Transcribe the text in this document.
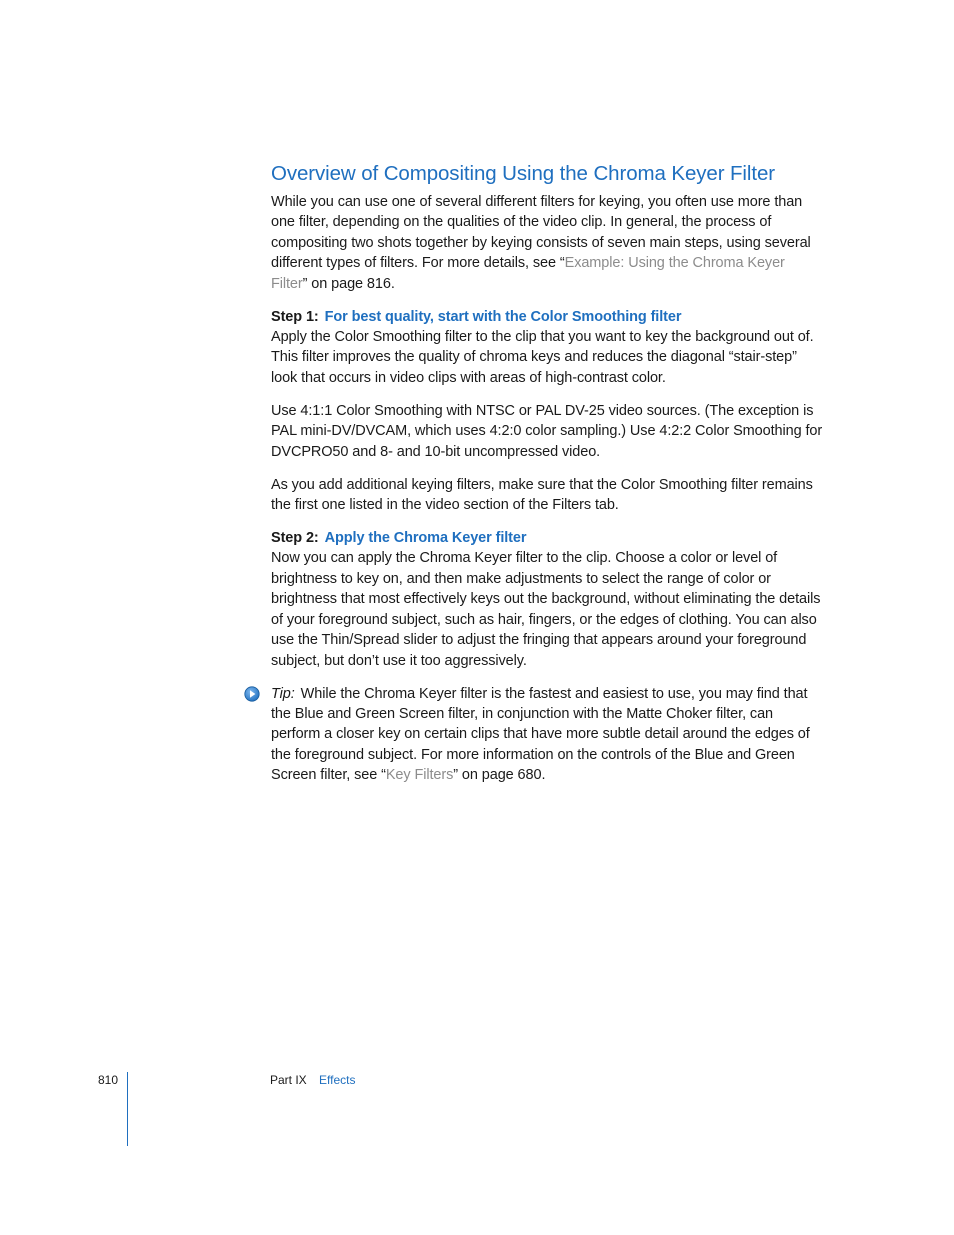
Overview of Compositing Using the Chroma Keyer Filter

While you can use one of several different filters for keying, you often use more than one filter, depending on the qualities of the video clip. In general, the process of compositing two shots together by keying consists of seven main steps, using several different types of filters. For more details, see “Example: Using the Chroma Keyer Filter” on page 816.

Step 1: For best quality, start with the Color Smoothing filter

Apply the Color Smoothing filter to the clip that you want to key the background out of. This filter improves the quality of chroma keys and reduces the diagonal “stair-step” look that occurs in video clips with areas of high-contrast color.

Use 4:1:1 Color Smoothing with NTSC or PAL DV-25 video sources. (The exception is PAL mini-DV/DVCAM, which uses 4:2:0 color sampling.) Use 4:2:2 Color Smoothing for DVCPRO50 and 8- and 10-bit uncompressed video.

As you add additional keying filters, make sure that the Color Smoothing filter remains the first one listed in the video section of the Filters tab.

Step 2: Apply the Chroma Keyer filter

Now you can apply the Chroma Keyer filter to the clip. Choose a color or level of brightness to key on, and then make adjustments to select the range of color or brightness that most effectively keys out the background, without eliminating the details of your foreground subject, such as hair, fingers, or the edges of clothing. You can also use the Thin/Spread slider to adjust the fringing that appears around your foreground subject, but don’t use it too aggressively.

Tip: While the Chroma Keyer filter is the fastest and easiest to use, you may find that the Blue and Green Screen filter, in conjunction with the Matte Choker filter, can perform a closer key on certain clips that have more subtle detail around the edges of the foreground subject. For more information on the controls of the Blue and Green Screen filter, see “Key Filters” on page 680.

810	Part IX Effects
